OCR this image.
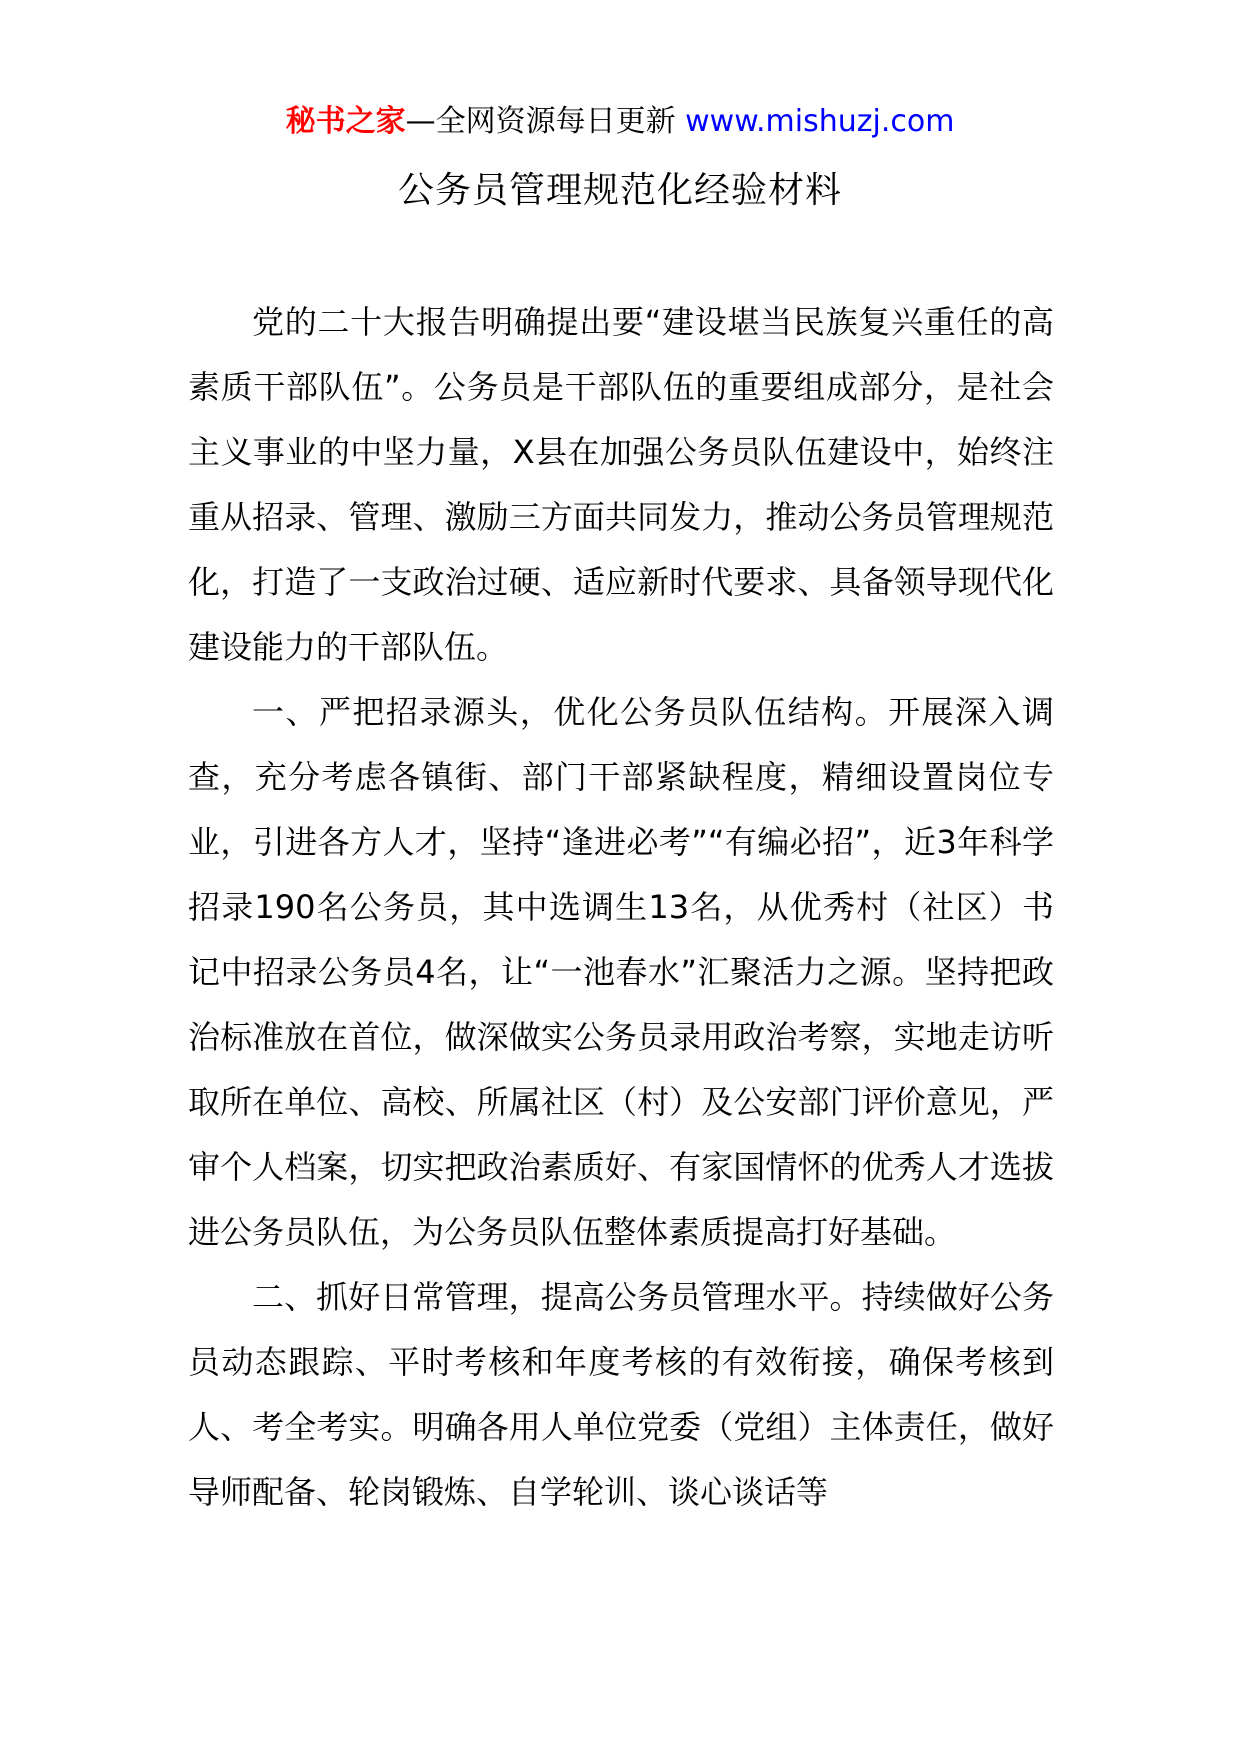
秘书之家—全网资源每日更新 www.mishuzj.com
公务员管理规范化经验材料

党的二十大报告明确提出要“建设堪当民族复兴重任的高素质干部队伍”。公务员是干部队伍的重要组成部分，是社会主义事业的中坚力量，X县在加强公务员队伍建设中，始终注重从招录、管理、激励三方面共同发力，推动公务员管理规范化，打造了一支政治过硬、适应新时代要求、具备领导现代化建设能力的干部队伍。

一、严把招录源头，优化公务员队伍结构。开展深入调查，充分考虑各镇街、部门干部紧缺程度，精细设置岗位专业，引进各方人才，坚持“逢进必考”“有编必招”，近3年科学招录190名公务员，其中选调生13名，从优秀村（社区）书记中招录公务员4名，让“一池春水”汇聚活力之源。坚持把政治标准放在首位，做深做实公务员录用政治考察，实地走访听取所在单位、高校、所属社区（村）及公安部门评价意见，严审个人档案，切实把政治素质好、有家国情怀的优秀人才选拔进公务员队伍，为公务员队伍整体素质提高打好基础。

二、抓好日常管理，提高公务员管理水平。持续做好公务员动态跟踪、平时考核和年度考核的有效衔接，确保考核到人、考全考实。明确各用人单位党委（党组）主体责任，做好导师配备、轮岗锻炼、自学轮训、谈心谈话等
